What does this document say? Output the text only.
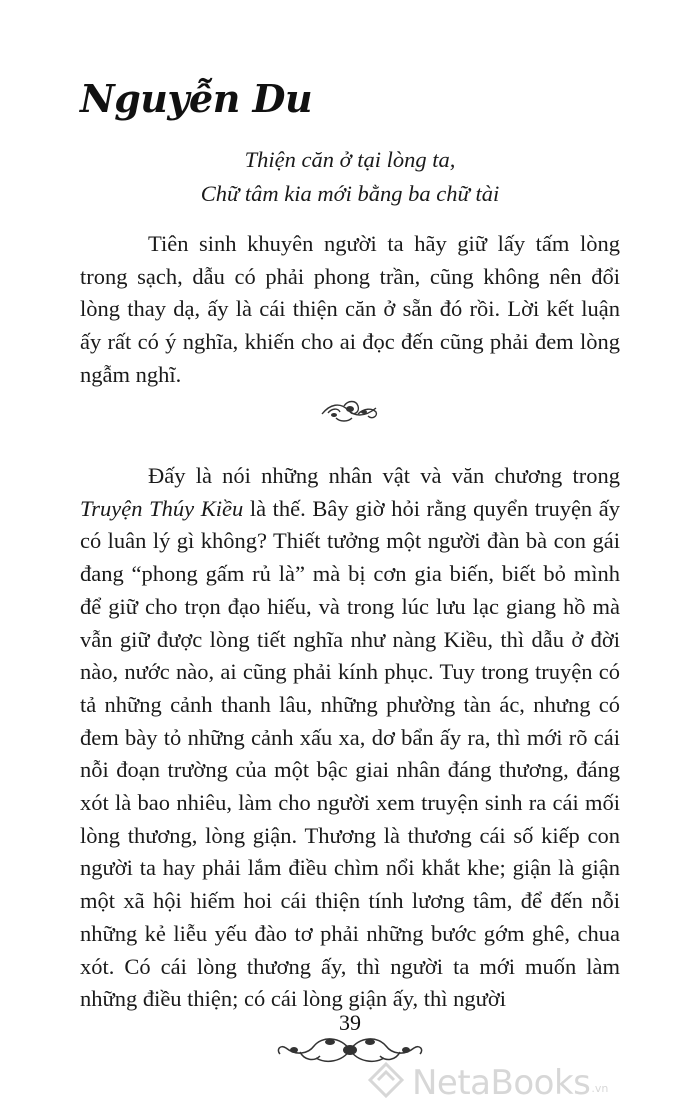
Nguyễn Du
Thiện căn ở tại lòng ta,
Chữ tâm kia mới bằng ba chữ tài

Tiên sinh khuyên người ta hãy giữ lấy tấm lòng trong sạch, dẫu có phải phong trần, cũng không nên đổi lòng thay dạ, ấy là cái thiện căn ở sẵn đó rồi. Lời kết luận ấy rất có ý nghĩa, khiến cho ai đọc đến cũng phải đem lòng ngẫm nghĩ.

Đấy là nói những nhân vật và văn chương trong Truyện Thúy Kiều là thế. Bây giờ hỏi rằng quyển truyện ấy có luân lý gì không? Thiết tưởng một người đàn bà con gái đang “phong gấm rủ là” mà bị cơn gia biến, biết bỏ mình để giữ cho trọn đạo hiếu, và trong lúc lưu lạc giang hồ mà vẫn giữ được lòng tiết nghĩa như nàng Kiều, thì dẫu ở đời nào, nước nào, ai cũng phải kính phục. Tuy trong truyện có tả những cảnh thanh lâu, những phường tàn ác, nhưng có đem bày tỏ những cảnh xấu xa, dơ bẩn ấy ra, thì mới rõ cái nỗi đoạn trường của một bậc giai nhân đáng thương, đáng xót là bao nhiêu, làm cho người xem truyện sinh ra cái mối lòng thương, lòng giận. Thương là thương cái số kiếp con người ta hay phải lắm điều chìm nổi khắt khe; giận là giận một xã hội hiếm hoi cái thiện tính lương tâm, để đến nỗi những kẻ liễu yếu đào tơ phải những bước gớm ghê, chua xót. Có cái lòng thương ấy, thì người ta mới muốn làm những điều thiện; có cái lòng giận ấy, thì người

39
NetaBooks .vn
